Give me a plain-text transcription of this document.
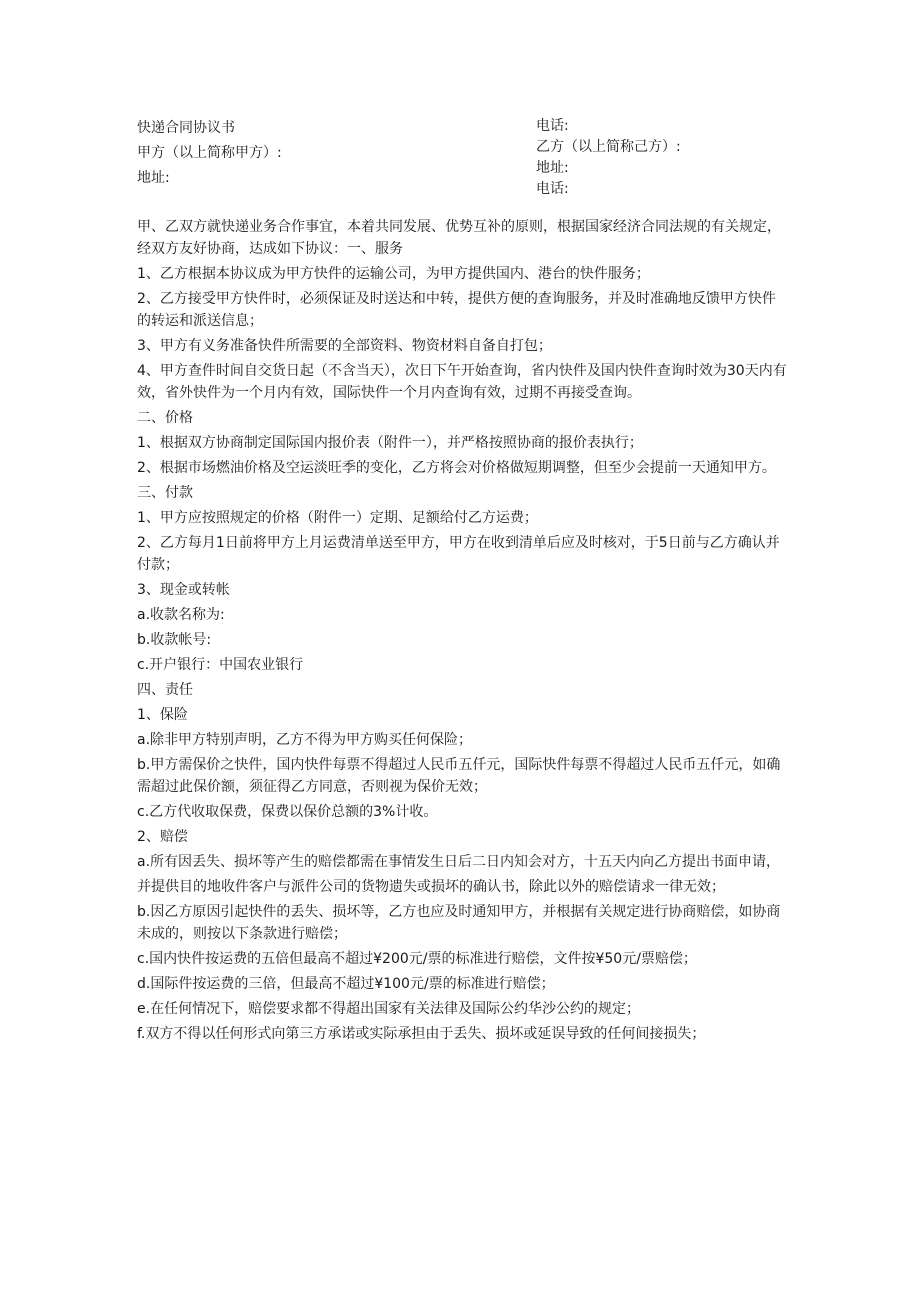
快递合同协议书
甲方（以上简称甲方）:
地址:
电话:
乙方（以上简称己方）:
地址:
电话:

甲、乙双方就快递业务合作事宜，本着共同发展、优势互补的原则，根据国家经济合同法规的有关规定，经双方友好协商，达成如下协议：一、服务

1、乙方根据本协议成为甲方快件的运输公司，为甲方提供国内、港台的快件服务；

2、乙方接受甲方快件时，必须保证及时送达和中转，提供方便的查询服务，并及时准确地反馈甲方快件的转运和派送信息；

3、甲方有义务准备快件所需要的全部资料、物资材料自备自打包；

4、甲方查件时间自交货日起（不含当天），次日下午开始查询，省内快件及国内快件查询时效为30天内有效，省外快件为一个月内有效，国际快件一个月内查询有效，过期不再接受查询。

二、价格

1、根据双方协商制定国际国内报价表（附件一），并严格按照协商的报价表执行；

2、根据市场燃油价格及空运淡旺季的变化，乙方将会对价格做短期调整，但至少会提前一天通知甲方。

三、付款

1、甲方应按照规定的价格（附件一）定期、足额给付乙方运费；

2、乙方每月1日前将甲方上月运费清单送至甲方，甲方在收到清单后应及时核对，于5日前与乙方确认并付款；

3、现金或转帐

a.收款名称为:

b.收款帐号:

c.开户银行：中国农业银行

四、责任

1、保险

a.除非甲方特别声明，乙方不得为甲方购买任何保险；

b.甲方需保价之快件，国内快件每票不得超过人民币五仟元，国际快件每票不得超过人民币五仟元，如确需超过此保价额，须征得乙方同意，否则视为保价无效；

c.乙方代收取保费，保费以保价总额的3%计收。

2、赔偿

a.所有因丢失、损坏等产生的赔偿都需在事情发生日后二日内知会对方，十五天内向乙方提出书面申请，

并提供目的地收件客户与派件公司的货物遗失或损坏的确认书，除此以外的赔偿请求一律无效；

b.因乙方原因引起快件的丢失、损坏等，乙方也应及时通知甲方，并根据有关规定进行协商赔偿，如协商未成的，则按以下条款进行赔偿；

c.国内快件按运费的五倍但最高不超过¥200元/票的标准进行赔偿，文件按¥50元/票赔偿；

d.国际件按运费的三倍，但最高不超过¥100元/票的标准进行赔偿；

e.在任何情况下，赔偿要求都不得超出国家有关法律及国际公约华沙公约的规定；

f.双方不得以任何形式向第三方承诺或实际承担由于丢失、损坏或延误导致的任何间接损失；
